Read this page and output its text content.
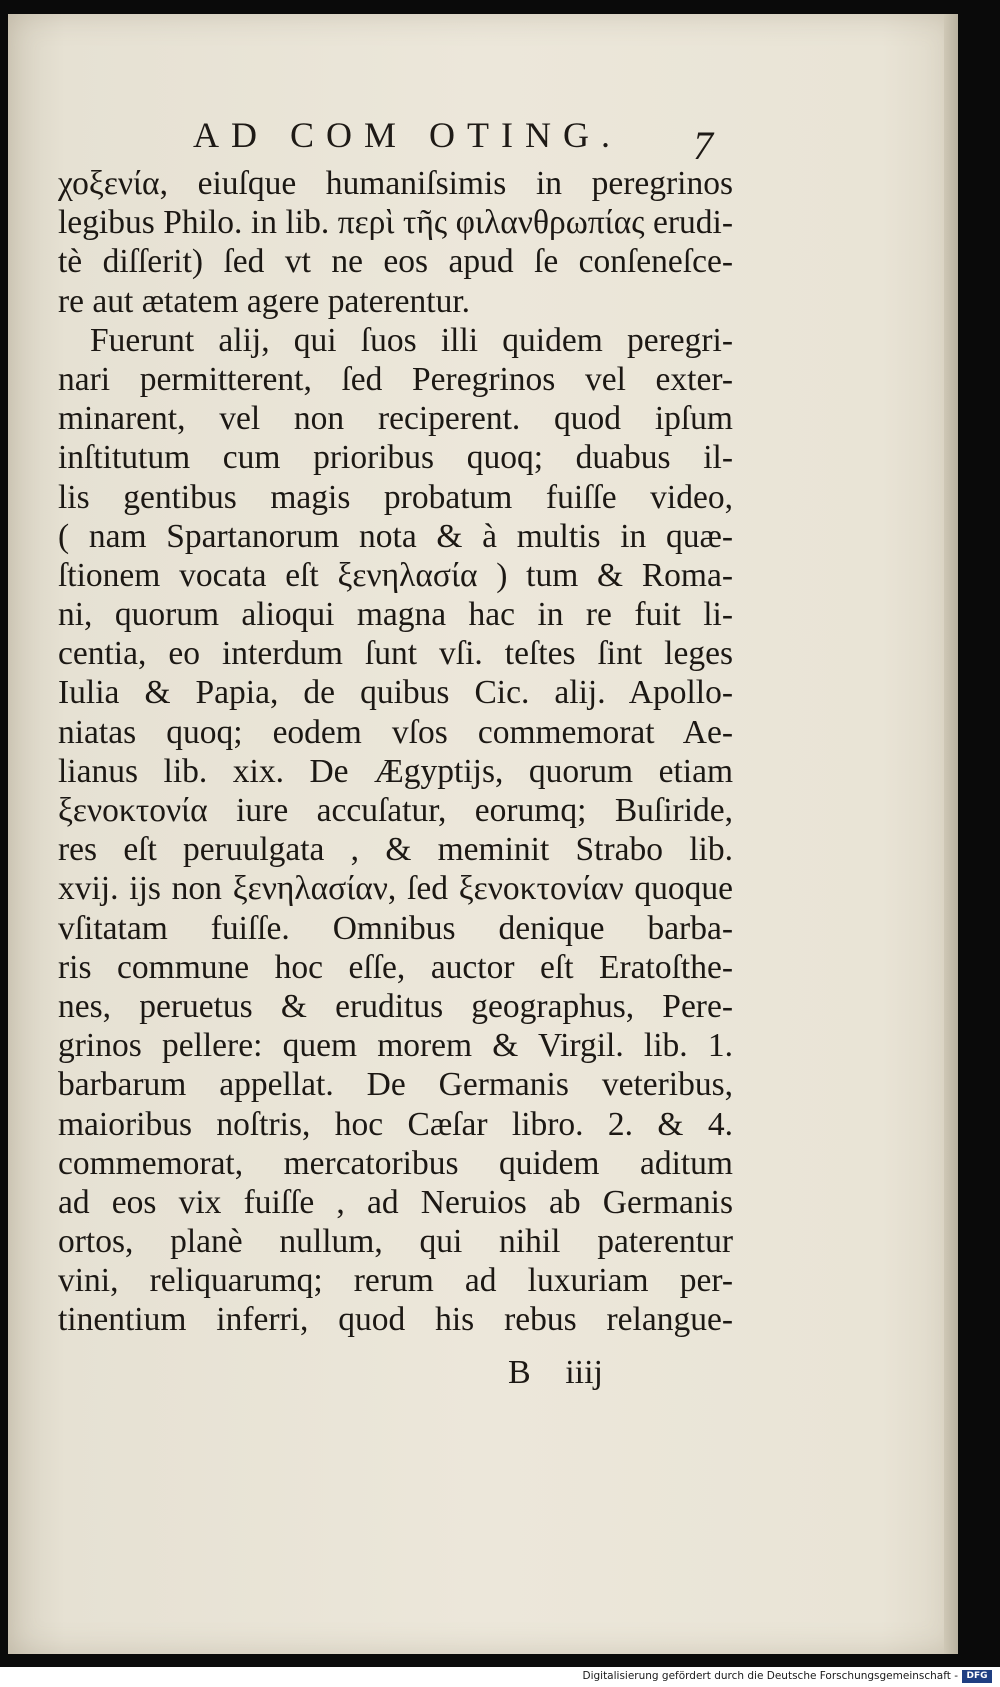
AD COM OTING.	7
χοξενία, eiuſque humaniſsimis in peregrinos
legibus Philo. in lib. περὶ τῆς φιλανθρωπίας erudi-
tè diſſerit) ſed vt ne eos apud ſe conſeneſce-
re aut ætatem agere paterentur.
Fuerunt alij, qui ſuos illi quidem peregri-
nari permitterent, ſed Peregrinos vel exter-
minarent, vel non reciperent. quod ipſum
inſtitutum cum prioribus quoq; duabus il-
lis gentibus magis probatum fuiſſe video,
( nam Spartanorum nota & à multis in quæ-
ſtionem vocata eſt ξενηλασία ) tum & Roma-
ni, quorum alioqui magna hac in re fuit li-
centia, eo interdum ſunt vſi. teſtes ſint leges
Iulia & Papia, de quibus Cic. alij. Apollo-
niatas quoq; eodem vſos commemorat Ae-
lianus lib. xix. De Ægyptijs, quorum etiam
ξενοκτονία iure accuſatur, eorumq; Buſiride,
res eſt peruulgata , & meminit Strabo lib.
xvij. ijs non ξενηλασίαν, ſed ξενοκτονίαν quoque
vſitatam fuiſſe. Omnibus denique barba-
ris commune hoc eſſe, auctor eſt Eratoſthe-
nes, peruetus & eruditus geographus, Pere-
grinos pellere: quem morem & Virgil. lib. 1.
barbarum appellat. De Germanis veteribus,
maioribus noſtris, hoc Cæſar libro. 2. & 4.
commemorat, mercatoribus quidem aditum
ad eos vix fuiſſe , ad Neruios ab Germanis
ortos, planè nullum, qui nihil paterentur
vini, reliquarumq; rerum ad luxuriam per-
tinentium inferri, quod his rebus relangue-
B iiij
Digitalisierung gefördert durch die Deutsche Forschungsgemeinschaft - DFG
